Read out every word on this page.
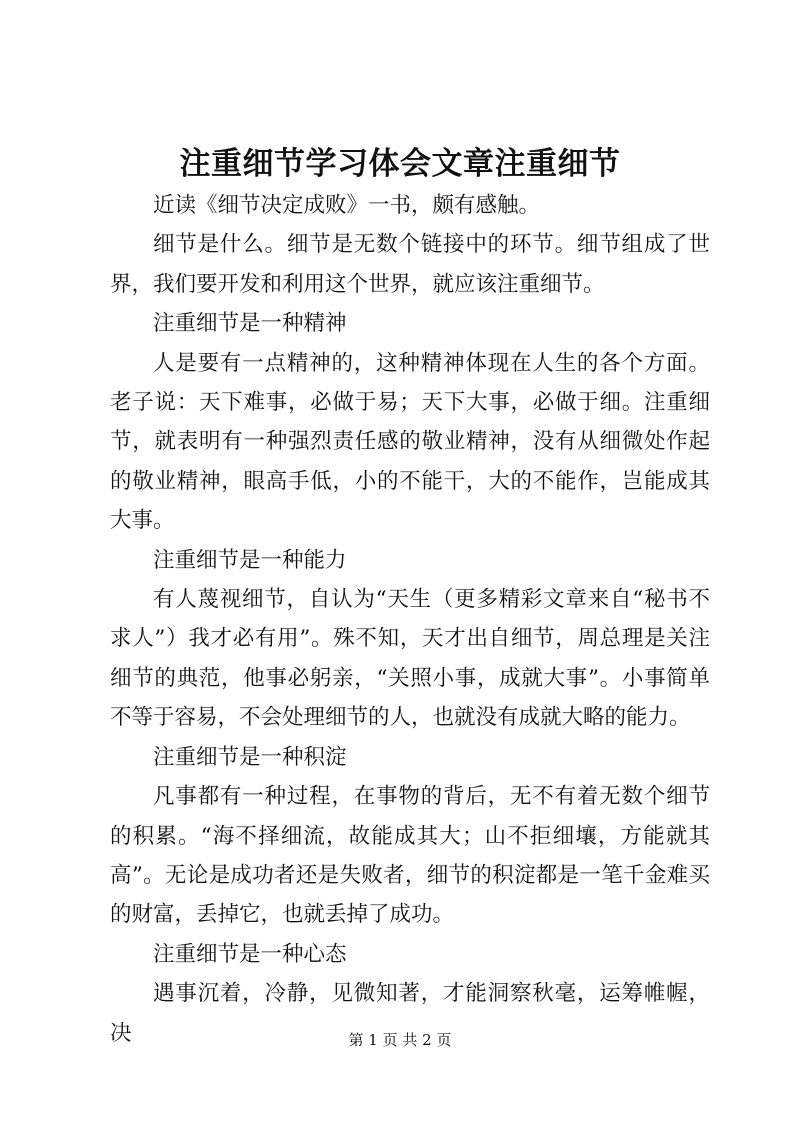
注重细节学习体会文章注重细节

近读《细节决定成败》一书，颇有感触。

细节是什么。细节是无数个链接中的环节。细节组成了世界，我们要开发和利用这个世界，就应该注重细节。

注重细节是一种精神

人是要有一点精神的，这种精神体现在人生的各个方面。老子说：天下难事，必做于易；天下大事，必做于细。注重细节，就表明有一种强烈责任感的敬业精神，没有从细微处作起的敬业精神，眼高手低，小的不能干，大的不能作，岂能成其大事。

注重细节是一种能力

有人蔑视细节，自认为“天生（更多精彩文章来自“秘书不求人”）我才必有用”。殊不知，天才出自细节，周总理是关注细节的典范，他事必躬亲，“关照小事，成就大事”。小事简单不等于容易，不会处理细节的人，也就没有成就大略的能力。

注重细节是一种积淀

凡事都有一种过程，在事物的背后，无不有着无数个细节的积累。“海不择细流，故能成其大；山不拒细壤，方能就其高”。无论是成功者还是失败者，细节的积淀都是一笔千金难买的财富，丢掉它，也就丢掉了成功。

注重细节是一种心态

遇事沉着，冷静，见微知著，才能洞察秋毫，运筹帷幄，决	第 1 页 共 2 页
